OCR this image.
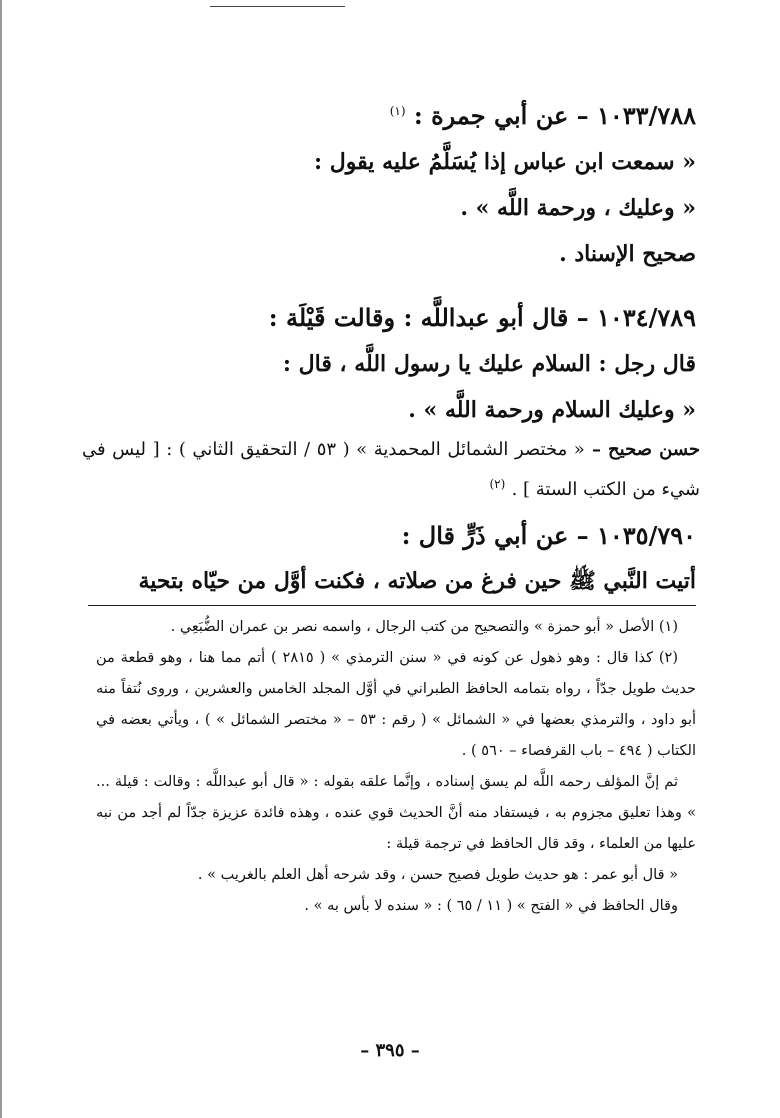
١٠٣٣/٧٨٨ – عن أبي جمرة : $^{(١)}$
« سمعت ابن عباس إذا يُسَلَّمُ عليه يقول :
« وعليك ، ورحمة اللَّه » .
صحيح الإسناد .
١٠٣٤/٧٨٩ – قال أبو عبداللَّه : وقالت قَيْلَة :
قال رجل : السلام عليك يا رسول اللَّه ، قال :
« وعليك السلام ورحمة اللَّه » .
حسن صحيح – « مختصر الشمائل المحمدية » ( ٥٣ / التحقيق الثاني ) : [ ليس في شيء من الكتب الستة ] . $^{(٢)}$
١٠٣٥/٧٩٠ – عن أبي ذَرٍّ قال :
أتيت النَّبي ﷺ حين فرغ من صلاته ، فكنت أوَّل من حيّاه بتحية
(١) الأصل « أبو حمزة » والتصحيح من كتب الرجال ، واسمه نصر بن عمران الضُّبَعِي .
(٢) كذا قال : وهو ذهول عن كونه في « سنن الترمذي » ( ٢٨١٥ ) أتم مما هنا ، وهو قطعة من حديث طويل جدّاً ، رواه بتمامه الحافظ الطبراني في أوَّل المجلد الخامس والعشرين ، وروى نُتفاً منه أبو داود ، والترمذي بعضها في « الشمائل » ( رقم : ٥٣ – « مختصر الشمائل » ) ، ويأتي بعضه في الكتاب ( ٤٩٤ – باب القرفصاء – ٥٦٠ ) .
ثم إنَّ المؤلف رحمه اللَّه لم يسق إسناده ، وإنَّما علقه بقوله : « قال أبو عبداللَّه : وقالت : قيلة ... » وهذا تعليق مجزوم به ، فيستفاد منه أنَّ الحديث قوي عنده ، وهذه فائدة عزيزة جدّاً لم أجد من نبه عليها من العلماء ، وقد قال الحافظ في ترجمة قيلة :
« قال أبو عمر : هو حديث طويل فصيح حسن ، وقد شرحه أهل العلم بالغريب » .
وقال الحافظ في « الفتح » ( ١١ / ٦٥ ) : « سنده لا بأس به » .
– ٣٩٥ –
